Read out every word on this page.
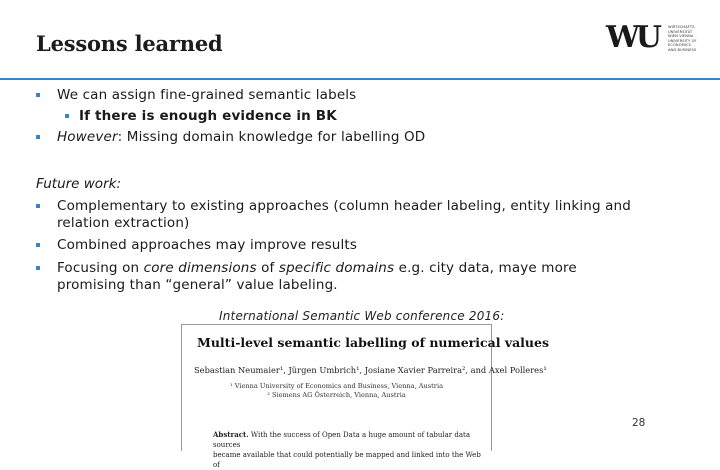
Lessons learned	WU	WIRTSCHAFTS
UNIVERSITÄT
WIEN VIENNA
UNIVERSITY OF
ECONOMICS
AND BUSINESS
We can assign fine-grained semantic labels
If there is enough evidence in BK
However: Missing domain knowledge for labelling OD
Future work:
Complementary to existing approaches (column header labeling, entity linking and
relation extraction)
Combined approaches may improve results
Focusing on core dimensions of specific domains e.g. city data, maye more
promising than “general” value labeling.
Multi-level semantic labelling of numerical values
Sebastian Neumaier¹, Jürgen Umbrich¹, Josiane Xavier Parreira², and Axel Polleres¹
¹ Vienna University of Economics and Business, Vienna, Austria
² Siemens AG Österreich, Vienna, Austria
Abstract. With the success of Open Data a huge amount of tabular data sources
became available that could potentially be mapped and linked into the Web of
International Semantic Web conference 2016:
28
